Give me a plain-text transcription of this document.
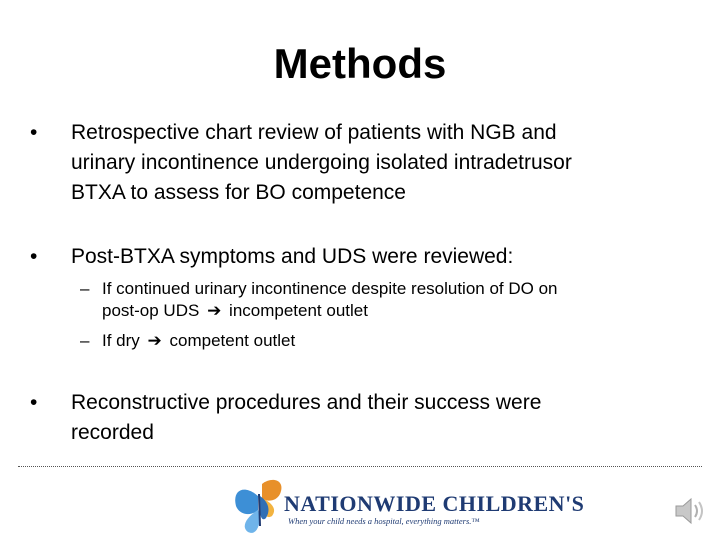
Methods
•	Retrospective chart review of patients with NGB and
urinary incontinence undergoing isolated intradetrusor
BTXA to assess for BO competence
•	Post-BTXA symptoms and UDS were reviewed:
– If continued urinary incontinence despite resolution of DO on
post-op UDS ➔ incompetent outlet
– If dry ➔ competent outlet
•	Reconstructive procedures and their success were
recorded
NATIONWIDE CHILDREN'S
When your child needs a hospital, everything matters.™
